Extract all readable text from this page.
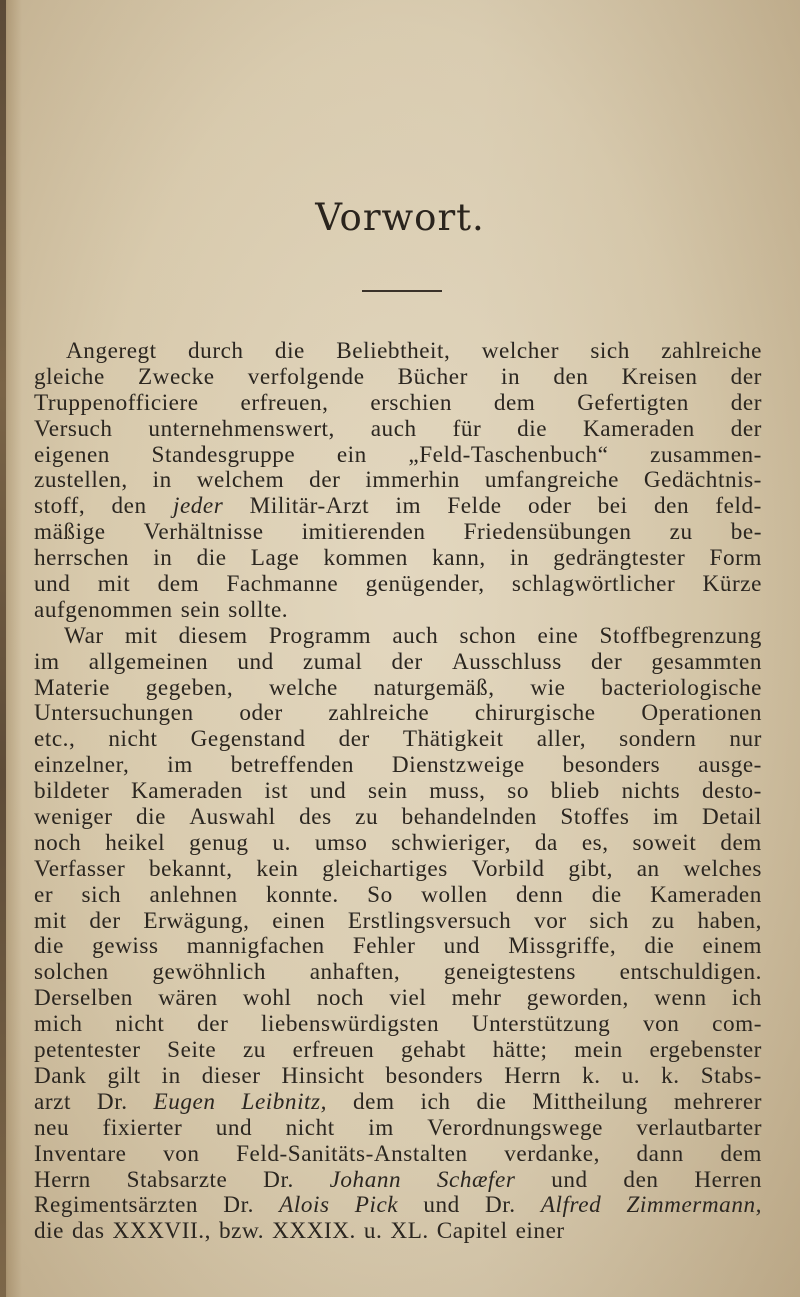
Vorwort.
Angeregt durch die Beliebtheit, welcher sich zahlreiche
gleiche Zwecke verfolgende Bücher in den Kreisen der
Truppenofficiere erfreuen, erschien dem Gefertigten der
Versuch unternehmenswert, auch für die Kameraden der
eigenen Standesgruppe ein „Feld-Taschenbuch“ zusammen-
zustellen, in welchem der immerhin umfangreiche Gedächtnis-
stoff, den jeder Militär-Arzt im Felde oder bei den feld-
mäßige Verhältnisse imitierenden Friedensübungen zu be-
herrschen in die Lage kommen kann, in gedrängtester Form
und mit dem Fachmanne genügender, schlagwörtlicher Kürze
aufgenommen sein sollte.
War mit diesem Programm auch schon eine Stoffbegrenzung
im allgemeinen und zumal der Ausschluss der gesammten
Materie gegeben, welche naturgemäß, wie bacteriologische
Untersuchungen oder zahlreiche chirurgische Operationen
etc., nicht Gegenstand der Thätigkeit aller, sondern nur
einzelner, im betreffenden Dienstzweige besonders ausge-
bildeter Kameraden ist und sein muss, so blieb nichts desto-
weniger die Auswahl des zu behandelnden Stoffes im Detail
noch heikel genug u. umso schwieriger, da es, soweit dem
Verfasser bekannt, kein gleichartiges Vorbild gibt, an welches
er sich anlehnen konnte. So wollen denn die Kameraden
mit der Erwägung, einen Erstlingsversuch vor sich zu haben,
die gewiss mannigfachen Fehler und Missgriffe, die einem
solchen gewöhnlich anhaften, geneigtestens entschuldigen.
Derselben wären wohl noch viel mehr geworden, wenn ich
mich nicht der liebenswürdigsten Unterstützung von com-
petentester Seite zu erfreuen gehabt hätte; mein ergebenster
Dank gilt in dieser Hinsicht besonders Herrn k. u. k. Stabs-
arzt Dr. Eugen Leibnitz, dem ich die Mittheilung mehrerer
neu fixierter und nicht im Verordnungswege verlautbarter
Inventare von Feld-Sanitäts-Anstalten verdanke, dann dem
Herrn Stabsarzte Dr. Johann Schæfer und den Herren
Regimentsärzten Dr. Alois Pick und Dr. Alfred Zimmermann,
die das XXXVII., bzw. XXXIX. u. XL. Capitel einer
